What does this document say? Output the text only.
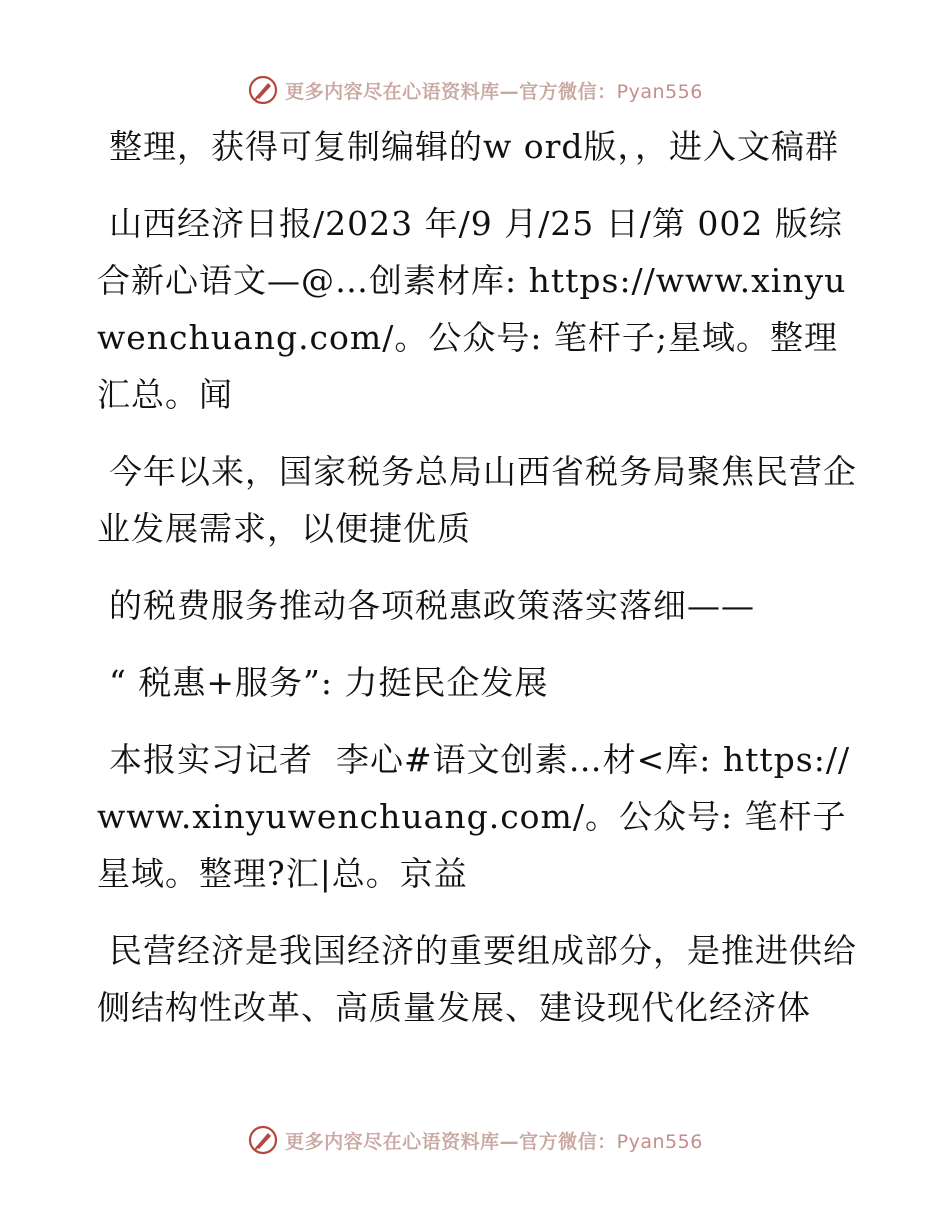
更多内容尽在心语资料库—官方微信：Pyan556

整理，获得可复制编辑的w ord版，，进入文稿群

山西经济日报/2023 年/9 月/25 日/第 002 版综合新心语文—@…创素材库: https://www.xinyuwenchuang.com/。公众号: 笔杆子;星域。整理汇总。闻

今年以来，国家税务总局山西省税务局聚焦民营企业发展需求，以便捷优质

的税费服务推动各项税惠政策落实落细——

“ 税惠+服务”: 力挺民企发展

本报实习记者  李心#语文创素…材<库: https://www.xinyuwenchuang.com/。公众号: 笔杆子星域。整理?汇|总。京益

民营经济是我国经济的重要组成部分，是推进供给侧结构性改革、高质量发展、建设现代化经济体

更多内容尽在心语资料库—官方微信：Pyan556
